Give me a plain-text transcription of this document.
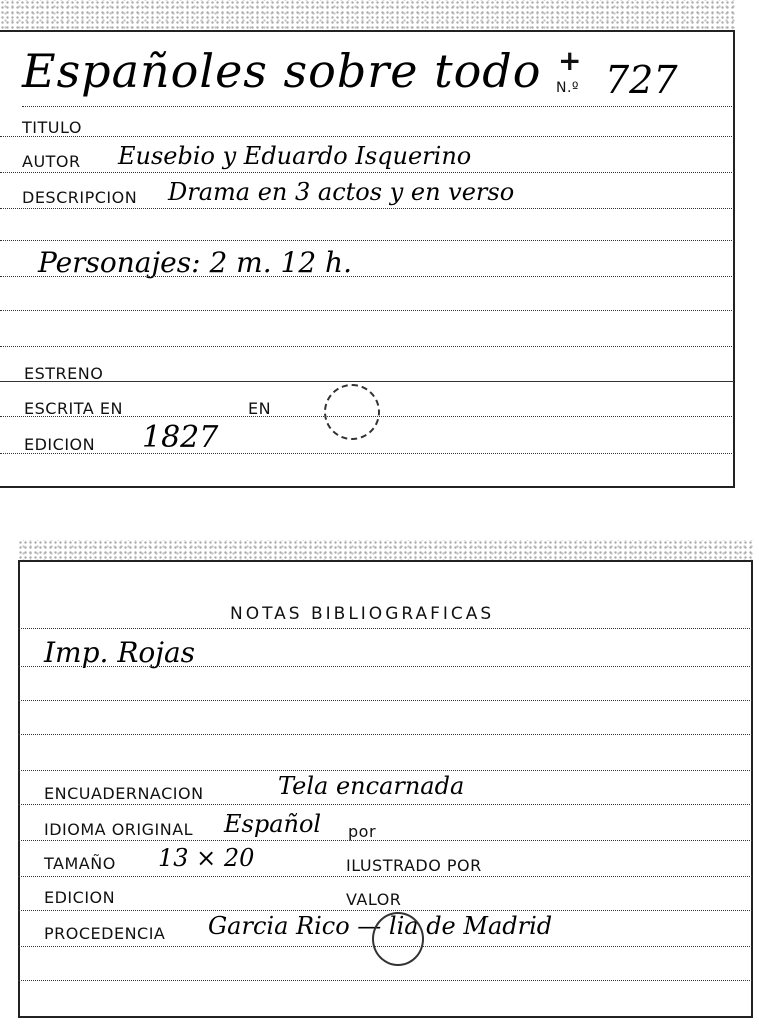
Españoles sobre todo +
N.º 727
TITULO
AUTOR Eusebio y Eduardo Isquerino
DESCRIPCION Drama en 3 actos y en verso
Personajes: 2 m. 12 h.
ESTRENO
ESCRITA EN	EN
EDICION 1827
NOTAS BIBLIOGRAFICAS
Imp. Rojas
ENCUADERNACION	Tela encarnada
IDIOMA ORIGINAL Español por
TAMAÑO 13 × 20	ILUSTRADO POR
EDICION	VALOR
PROCEDENCIA Garcia Rico — lia de Madrid
